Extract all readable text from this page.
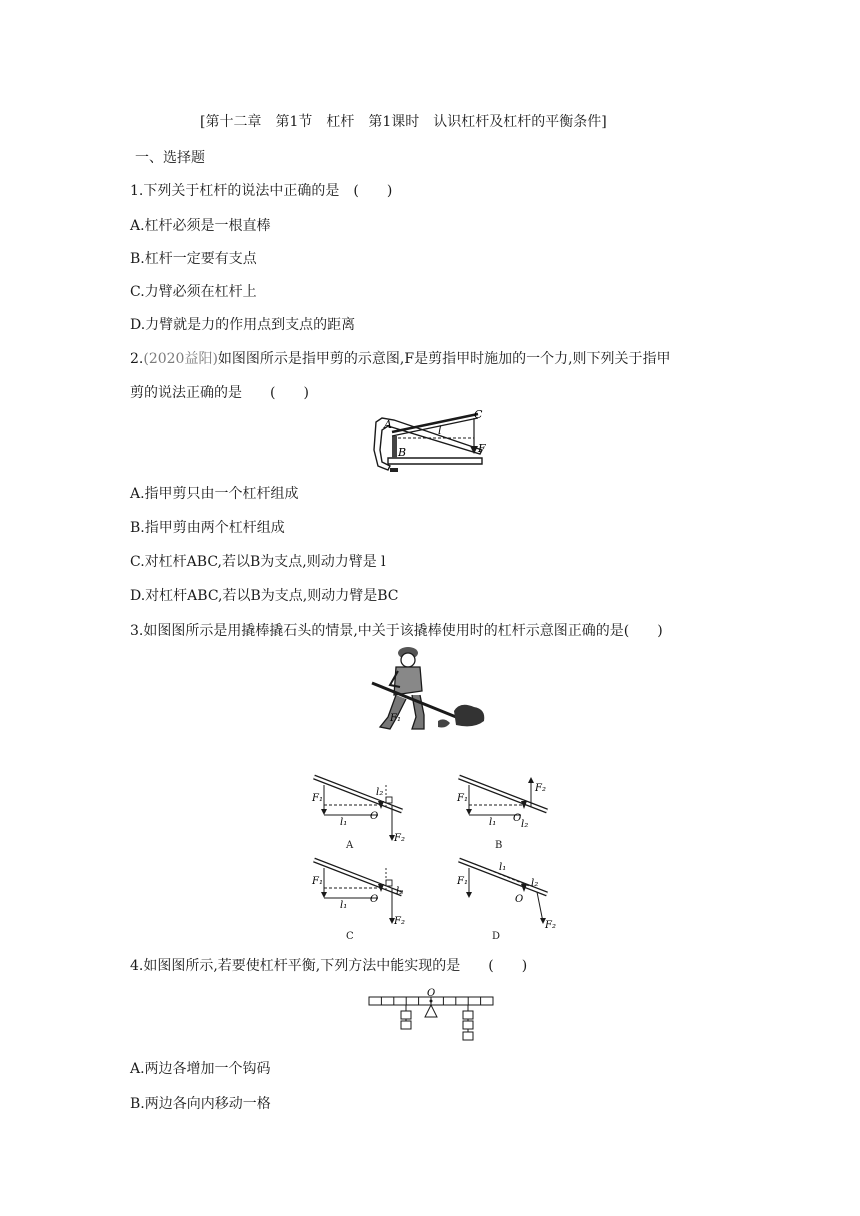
[第十二章　第1节　杠杆　第1课时　认识杠杆及杠杆的平衡条件]
一、选择题
1.下列关于杠杆的说法中正确的是　(　　)
A.杠杆必须是一根直棒
B.杠杆一定要有支点
C.力臂必须在杠杆上
D.力臂就是力的作用点到支点的距离
2.(2020益阳)如图图所示是指甲剪的示意图,F是剪指甲时施加的一个力,则下列关于指甲
剪的说法正确的是　　(　　)
A
B
C
l
F
A.指甲剪只由一个杠杆组成
B.指甲剪由两个杠杆组成
C.对杠杆ABC,若以B为支点,则动力臂是 l
D.对杠杆ABC,若以B为支点,则动力臂是BC
3.如图图所示是用撬棒撬石头的情景,中关于该撬棒使用时的杠杆示意图正确的是(　　)
F₁
F₁
l₁
l₂
O
F₂
A
F₁
l₁
F₂
O
l₂
B
F₁
l₁
l₂
O
F₂
C
F₁
l₁
l₂
O
F₂
D
4.如图图所示,若要使杠杆平衡,下列方法中能实现的是　　(　　)
O
A.两边各增加一个钩码
B.两边各向内移动一格
